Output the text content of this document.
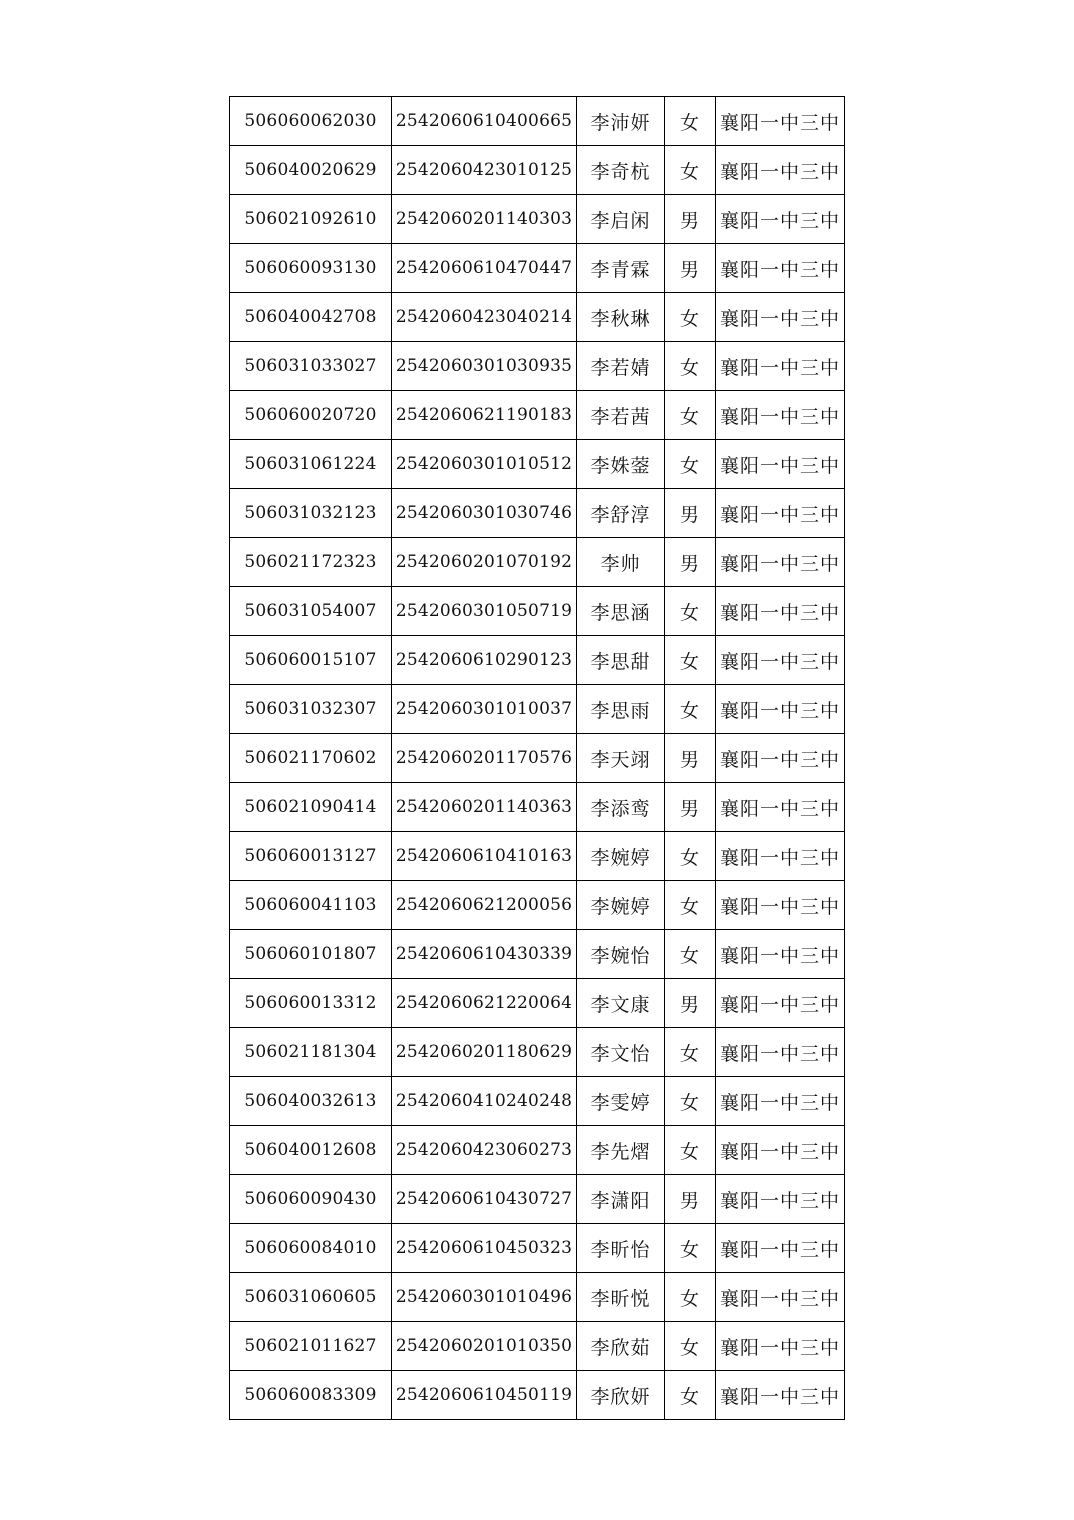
506060062030	2542060610400665	李沛妍	女	襄阳一中三中
506040020629	2542060423010125	李奇杭	女	襄阳一中三中
506021092610	2542060201140303	李启闲	男	襄阳一中三中
506060093130	2542060610470447	李青霖	男	襄阳一中三中
506040042708	2542060423040214	李秋琳	女	襄阳一中三中
506031033027	2542060301030935	李若婧	女	襄阳一中三中
506060020720	2542060621190183	李若茜	女	襄阳一中三中
506031061224	2542060301010512	李姝蓥	女	襄阳一中三中
506031032123	2542060301030746	李舒淳	男	襄阳一中三中
506021172323	2542060201070192	李帅	男	襄阳一中三中
506031054007	2542060301050719	李思涵	女	襄阳一中三中
506060015107	2542060610290123	李思甜	女	襄阳一中三中
506031032307	2542060301010037	李思雨	女	襄阳一中三中
506021170602	2542060201170576	李天翊	男	襄阳一中三中
506021090414	2542060201140363	李添鸾	男	襄阳一中三中
506060013127	2542060610410163	李婉婷	女	襄阳一中三中
506060041103	2542060621200056	李婉婷	女	襄阳一中三中
506060101807	2542060610430339	李婉怡	女	襄阳一中三中
506060013312	2542060621220064	李文康	男	襄阳一中三中
506021181304	2542060201180629	李文怡	女	襄阳一中三中
506040032613	2542060410240248	李雯婷	女	襄阳一中三中
506040012608	2542060423060273	李先熠	女	襄阳一中三中
506060090430	2542060610430727	李潇阳	男	襄阳一中三中
506060084010	2542060610450323	李昕怡	女	襄阳一中三中
506031060605	2542060301010496	李昕悦	女	襄阳一中三中
506021011627	2542060201010350	李欣茹	女	襄阳一中三中
506060083309	2542060610450119	李欣妍	女	襄阳一中三中
